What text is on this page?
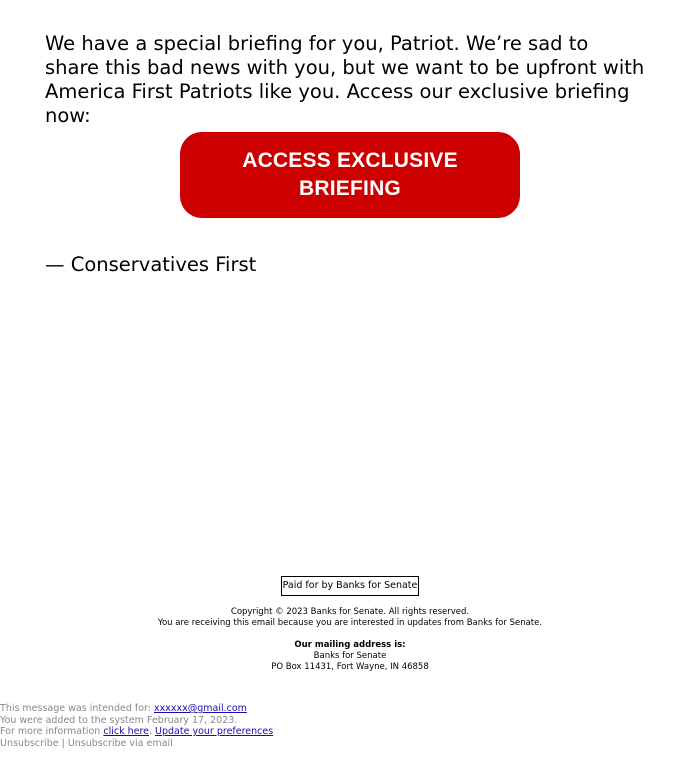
We have a special briefing for you, Patriot. We’re sad to share this bad news with you, but we want to be upfront with America First Patriots like you. Access our exclusive briefing now:

ACCESS EXCLUSIVE BRIEFING

— Conservatives First

Paid for by Banks for Senate
Copyright © 2023 Banks for Senate. All rights reserved.
You are receiving this email because you are interested in updates from Banks for Senate.
Our mailing address is:
Banks for Senate
PO Box 11431, Fort Wayne, IN 46858
This message was intended for: xxxxxx@gmail.com
You were added to the system February 17, 2023.
For more information click here. Update your preferences
Unsubscribe | Unsubscribe via email
